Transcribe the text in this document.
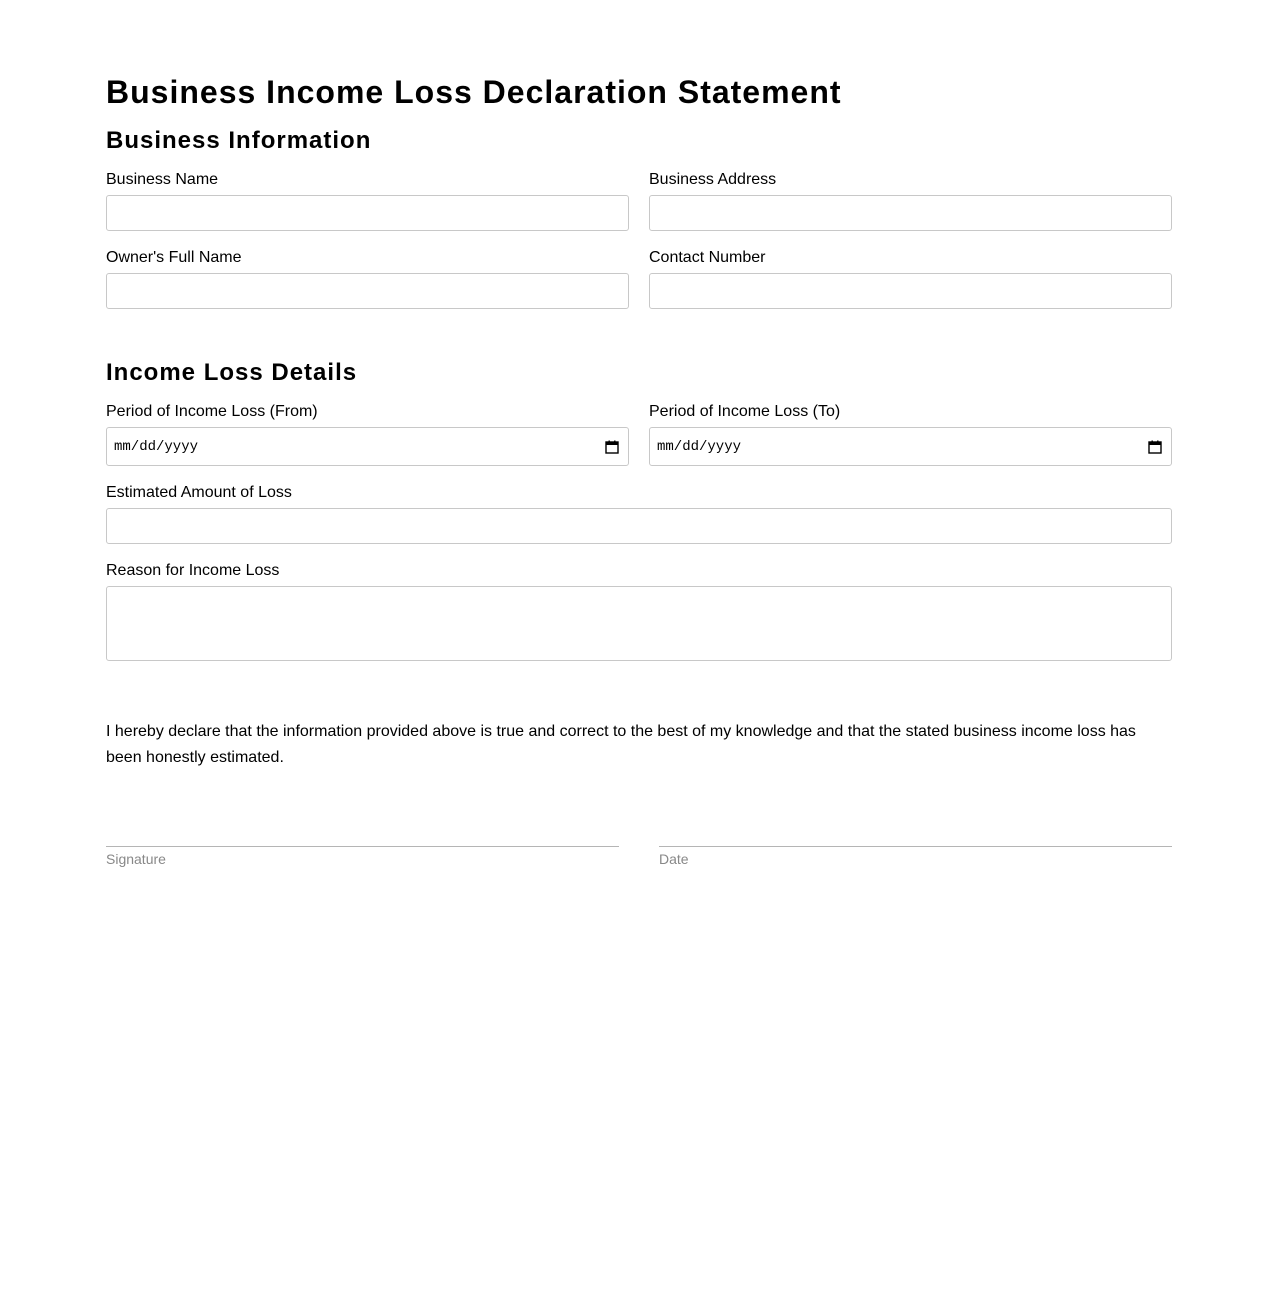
Business Income Loss Declaration Statement
Business Information
Business Name	Business Address
Owner's Full Name	Contact Number
Income Loss Details
Period of Income Loss (From)
mm/dd/yyyy
Period of Income Loss (To)
mm/dd/yyyy
Estimated Amount of Loss
Reason for Income Loss

I hereby declare that the information provided above is true and correct to the best of my knowledge and that the stated business income loss has been honestly estimated.

Signature	Date
